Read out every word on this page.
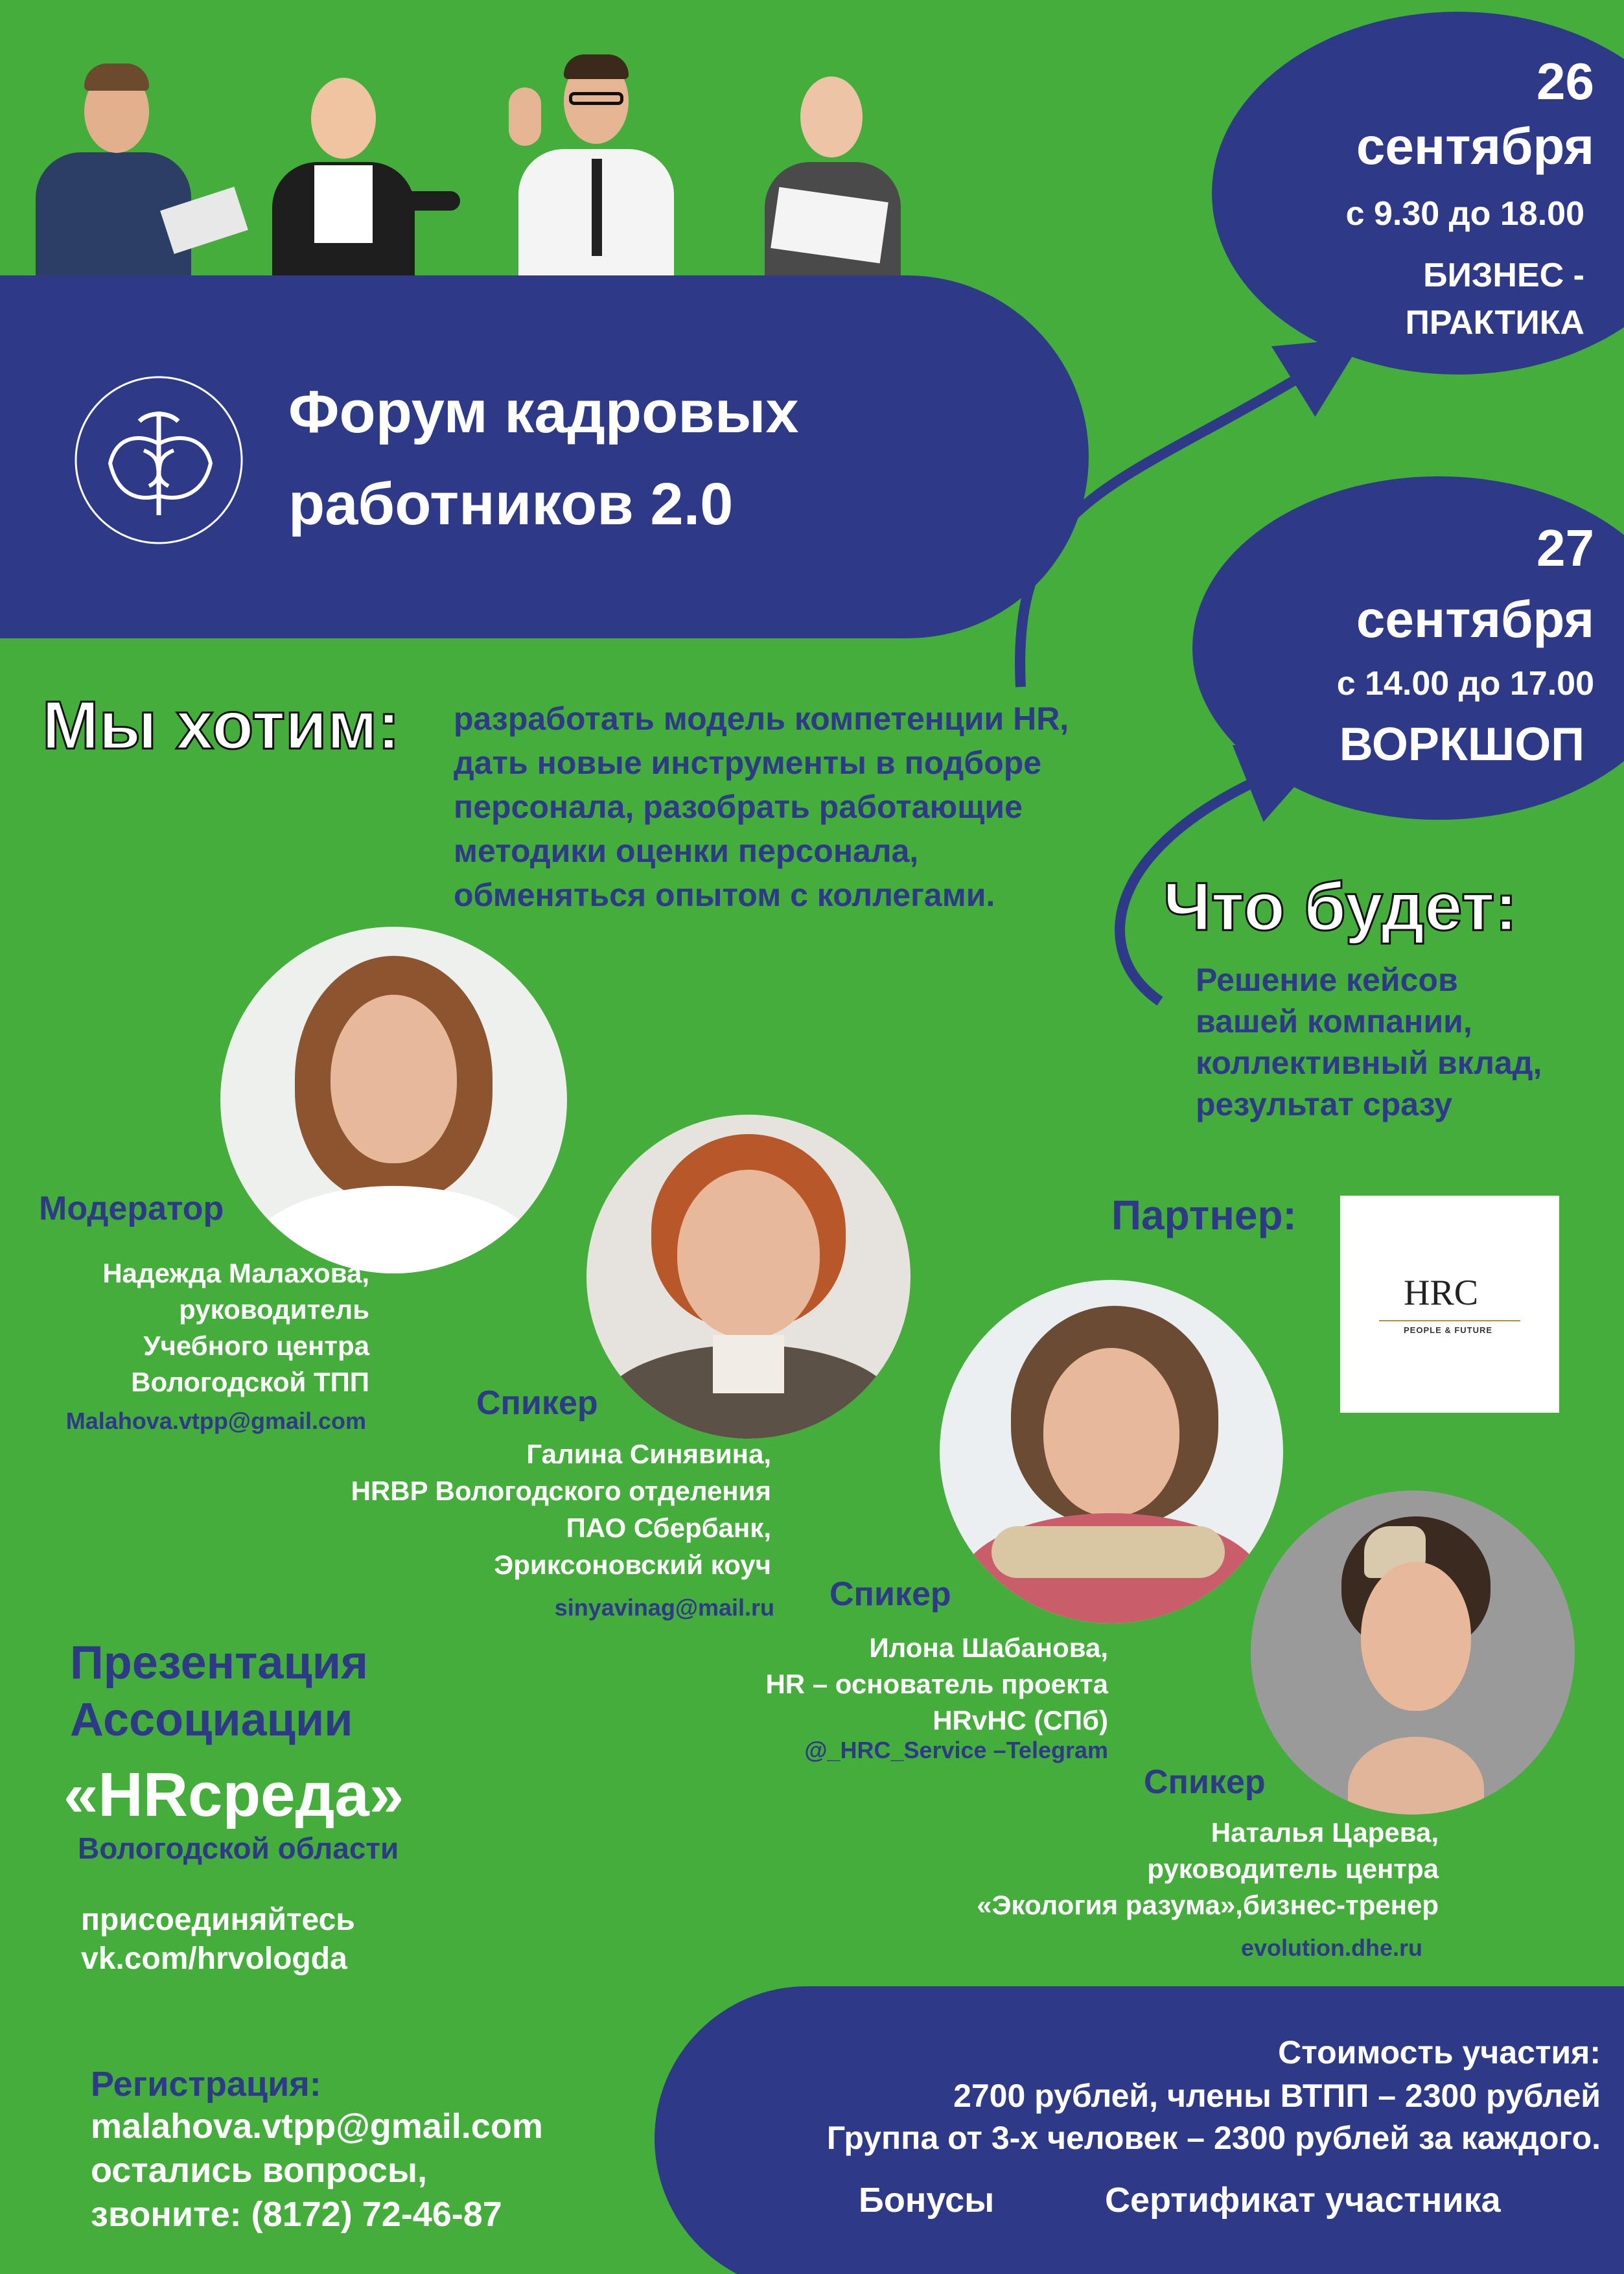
Форум кадровых
работников 2.0
26
сентября
с 9.30 до 18.00
БИЗНЕС -
ПРАКТИКА
27
сентября
с 14.00 до 17.00
ВОРКШОП
Мы хотим: разработать модель компетенции HR,
дать новые инструменты в подборе
персонала, разобрать работающие
методики оценки персонала,
обменяться опытом с коллегами.	Что будет:
Решение кейсов
вашей компании,
коллективный вклад,
результат сразу
Модератор
Надежда Малахова,
руководитель
Учебного центра
Вологодской ТПП
Malahova.vtpp@gmail.com	Спикер
Галина Синявина,
HRBP Вологодского отделения
ПАО Сбербанк,
Эриксоновский коуч
sinyavinag@mail.ru Спикер
Илона Шабанова,
HR – основатель проекта
HRvHC (СПб)
@_HRC_Service –Telegram
Спикер
Наталья Царева,
руководитель центра
«Экология разума»,бизнес-тренер
evolution.dhe.ru
Партнер:
HRC
PEOPLE & FUTURE
Презентация
Ассоциации
«HRсреда»
Вологодской области
присоединяйтесь
vk.com/hrvologda
Регистрация:
malahova.vtpp@gmail.com
остались вопросы,
звоните: (8172) 72-46-87
Стоимость участия:
2700 рублей, члены ВТПП – 2300 рублей
Группа от 3-х человек – 2300 рублей за каждого.
Бонусы	Сертификат участника
